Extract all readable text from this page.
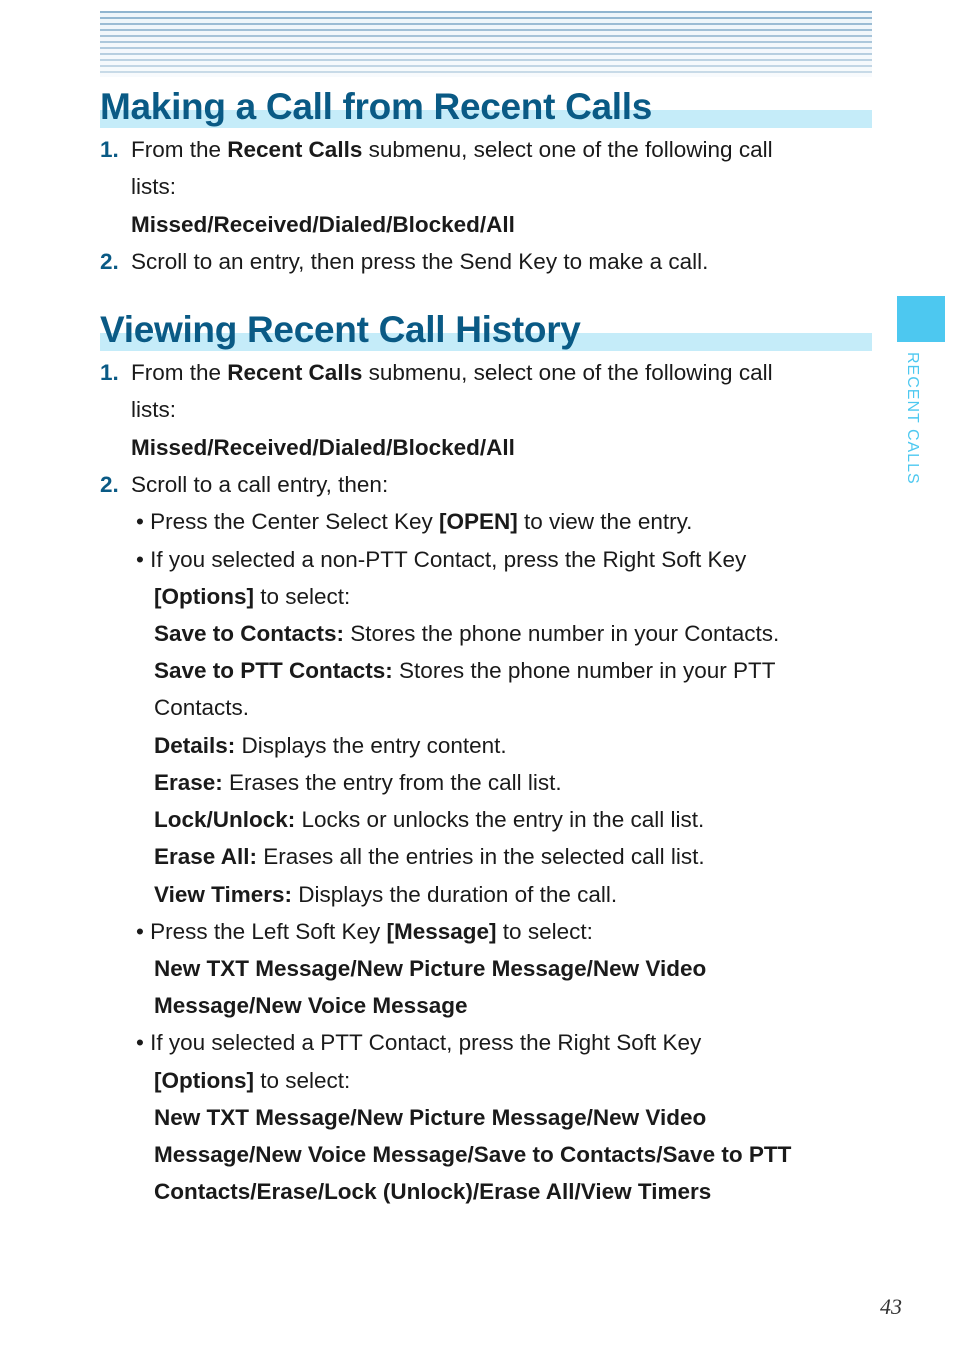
RECENT CALLS
Making a Call from Recent Calls
1. From the Recent Calls submenu, select one of the following call
lists:
Missed/Received/Dialed/Blocked/All
2. Scroll to an entry, then press the Send Key to make a call.
Viewing Recent Call History
1. From the Recent Calls submenu, select one of the following call
lists:
Missed/Received/Dialed/Blocked/All
2. Scroll to a call entry, then:
• Press the Center Select Key [OPEN] to view the entry.
• If you selected a non-PTT Contact, press the Right Soft Key
[Options] to select:
Save to Contacts: Stores the phone number in your Contacts.
Save to PTT Contacts: Stores the phone number in your PTT
Contacts.
Details: Displays the entry content.
Erase: Erases the entry from the call list.
Lock/Unlock: Locks or unlocks the entry in the call list.
Erase All: Erases all the entries in the selected call list.
View Timers: Displays the duration of the call.
• Press the Left Soft Key [Message] to select:
New TXT Message/New Picture Message/New Video
Message/New Voice Message
• If you selected a PTT Contact, press the Right Soft Key
[Options] to select:
New TXT Message/New Picture Message/New Video
Message/New Voice Message/Save to Contacts/Save to PTT
Contacts/Erase/Lock (Unlock)/Erase All/View Timers
43
